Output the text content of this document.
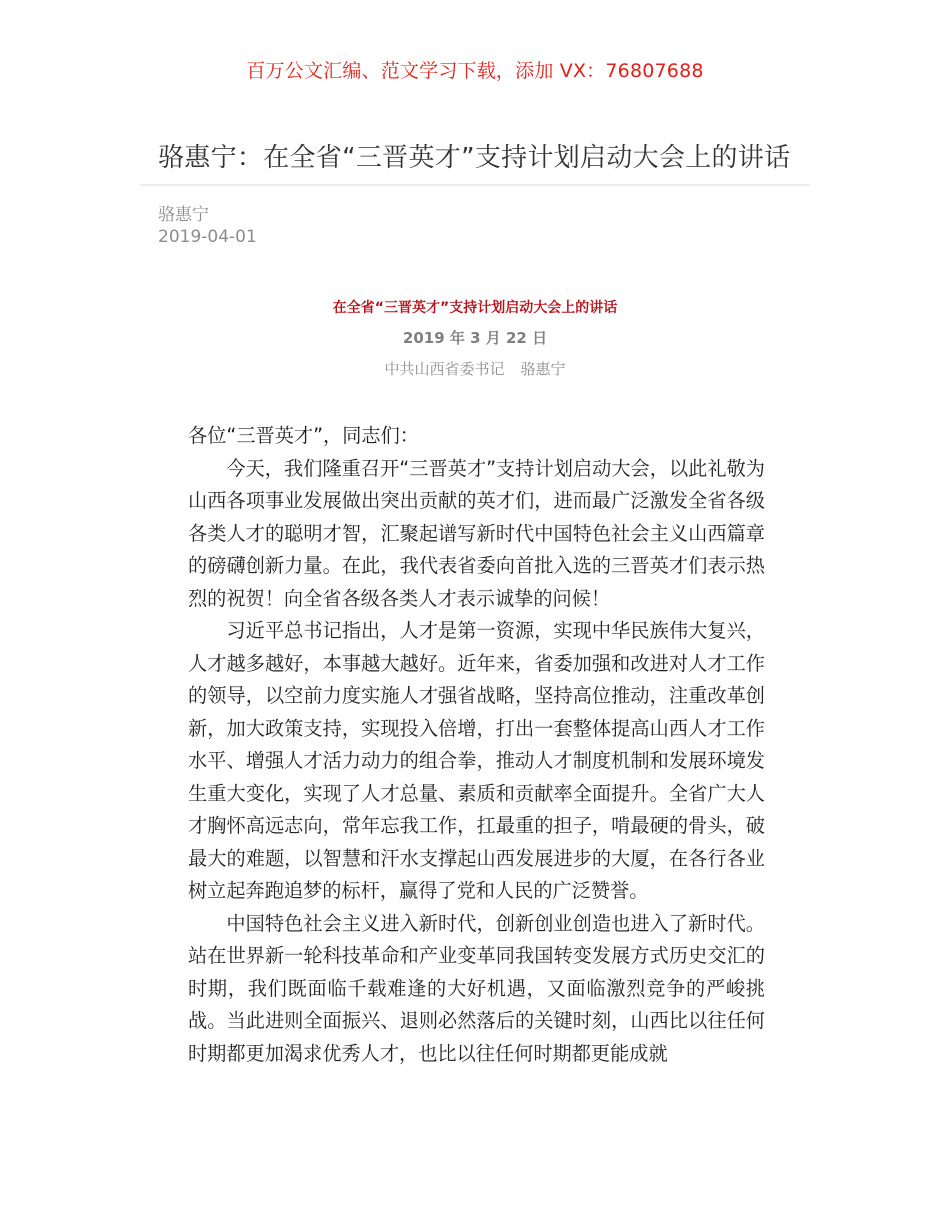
百万公文汇编、范文学习下载，添加 VX：76807688
骆惠宁：在全省“三晋英才”支持计划启动大会上的讲话
骆惠宁
2019-04-01
在全省“三晋英才”支持计划启动大会上的讲话
2019 年 3 月 22 日
中共山西省委书记 骆惠宁

各位“三晋英才”，同志们：

今天，我们隆重召开“三晋英才”支持计划启动大会，以此礼敬为山西各项事业发展做出突出贡献的英才们，进而最广泛激发全省各级各类人才的聪明才智，汇聚起谱写新时代中国特色社会主义山西篇章的磅礴创新力量。在此，我代表省委向首批入选的三晋英才们表示热烈的祝贺！向全省各级各类人才表示诚挚的问候！

习近平总书记指出，人才是第一资源，实现中华民族伟大复兴，人才越多越好，本事越大越好。近年来，省委加强和改进对人才工作的领导，以空前力度实施人才强省战略，坚持高位推动，注重改革创新，加大政策支持，实现投入倍增，打出一套整体提高山西人才工作水平、增强人才活力动力的组合拳，推动人才制度机制和发展环境发生重大变化，实现了人才总量、素质和贡献率全面提升。全省广大人才胸怀高远志向，常年忘我工作，扛最重的担子，啃最硬的骨头，破最大的难题，以智慧和汗水支撑起山西发展进步的大厦，在各行各业树立起奔跑追梦的标杆，赢得了党和人民的广泛赞誉。

中国特色社会主义进入新时代，创新创业创造也进入了新时代。站在世界新一轮科技革命和产业变革同我国转变发展方式历史交汇的时期，我们既面临千载难逢的大好机遇，又面临激烈竞争的严峻挑战。当此进则全面振兴、退则必然落后的关键时刻，山西比以往任何时期都更加渴求优秀人才，也比以往任何时期都更能成就
